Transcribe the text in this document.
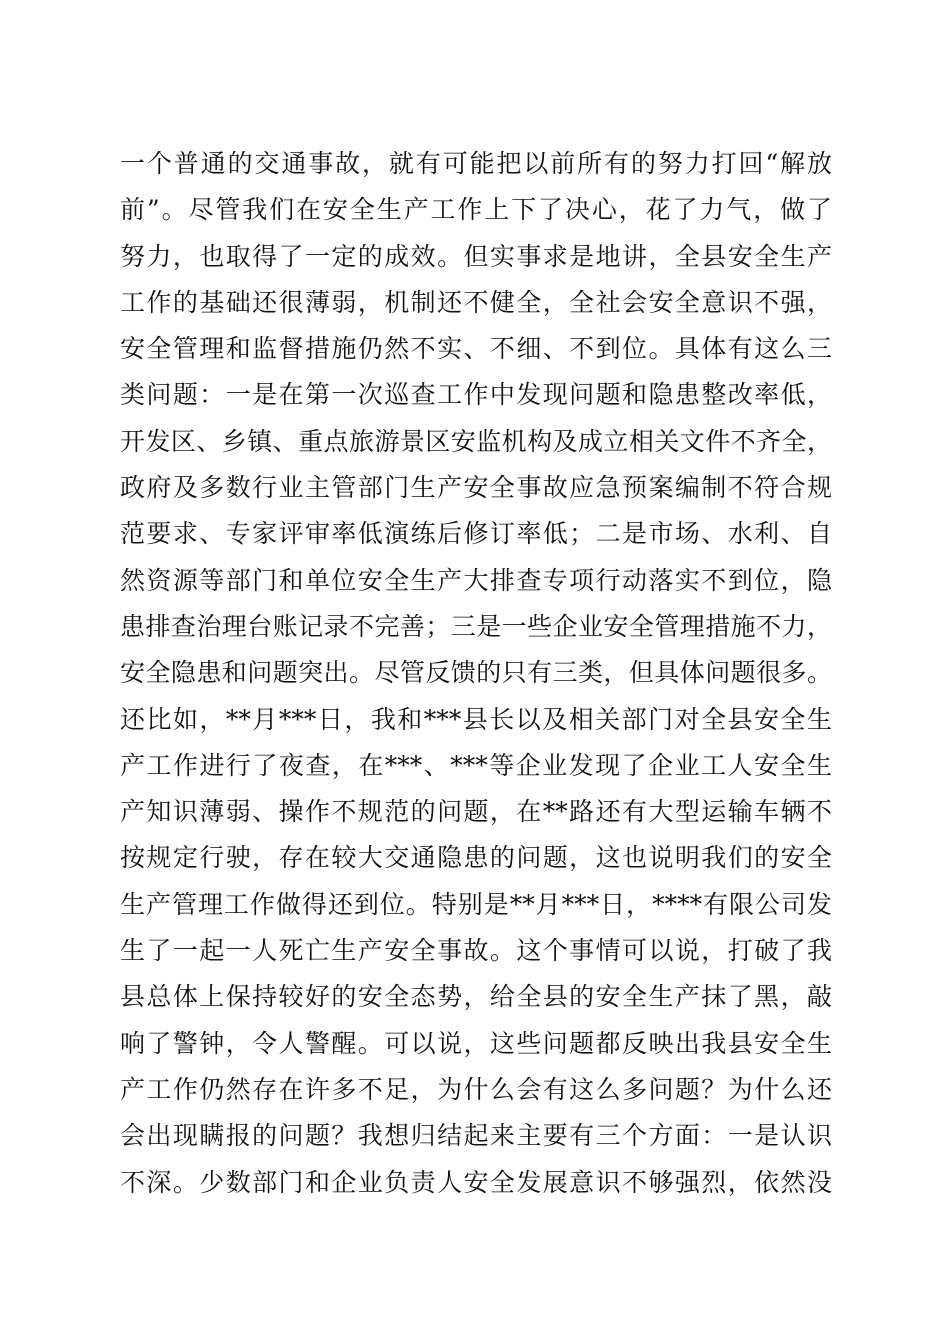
一个普通的交通事故，就有可能把以前所有的努力打回“解放
前”。尽管我们在安全生产工作上下了决心，花了力气，做了
努力，也取得了一定的成效。但实事求是地讲，全县安全生产
工作的基础还很薄弱，机制还不健全，全社会安全意识不强，
安全管理和监督措施仍然不实、不细、不到位。具体有这么三
类问题：一是在第一次巡查工作中发现问题和隐患整改率低，
开发区、乡镇、重点旅游景区安监机构及成立相关文件不齐全，
政府及多数行业主管部门生产安全事故应急预案编制不符合规
范要求、专家评审率低演练后修订率低；二是市场、水利、自
然资源等部门和单位安全生产大排查专项行动落实不到位，隐
患排查治理台账记录不完善；三是一些企业安全管理措施不力，
安全隐患和问题突出。尽管反馈的只有三类，但具体问题很多。
还比如，**月***日，我和***县长以及相关部门对全县安全生
产工作进行了夜查，在***、***等企业发现了企业工人安全生
产知识薄弱、操作不规范的问题，在**路还有大型运输车辆不
按规定行驶，存在较大交通隐患的问题，这也说明我们的安全
生产管理工作做得还到位。特别是**月***日，****有限公司发
生了一起一人死亡生产安全事故。这个事情可以说，打破了我
县总体上保持较好的安全态势，给全县的安全生产抹了黑，敲
响了警钟，令人警醒。可以说，这些问题都反映出我县安全生
产工作仍然存在许多不足，为什么会有这么多问题？为什么还
会出现瞒报的问题？我想归结起来主要有三个方面：一是认识
不深。少数部门和企业负责人安全发展意识不够强烈，依然没
